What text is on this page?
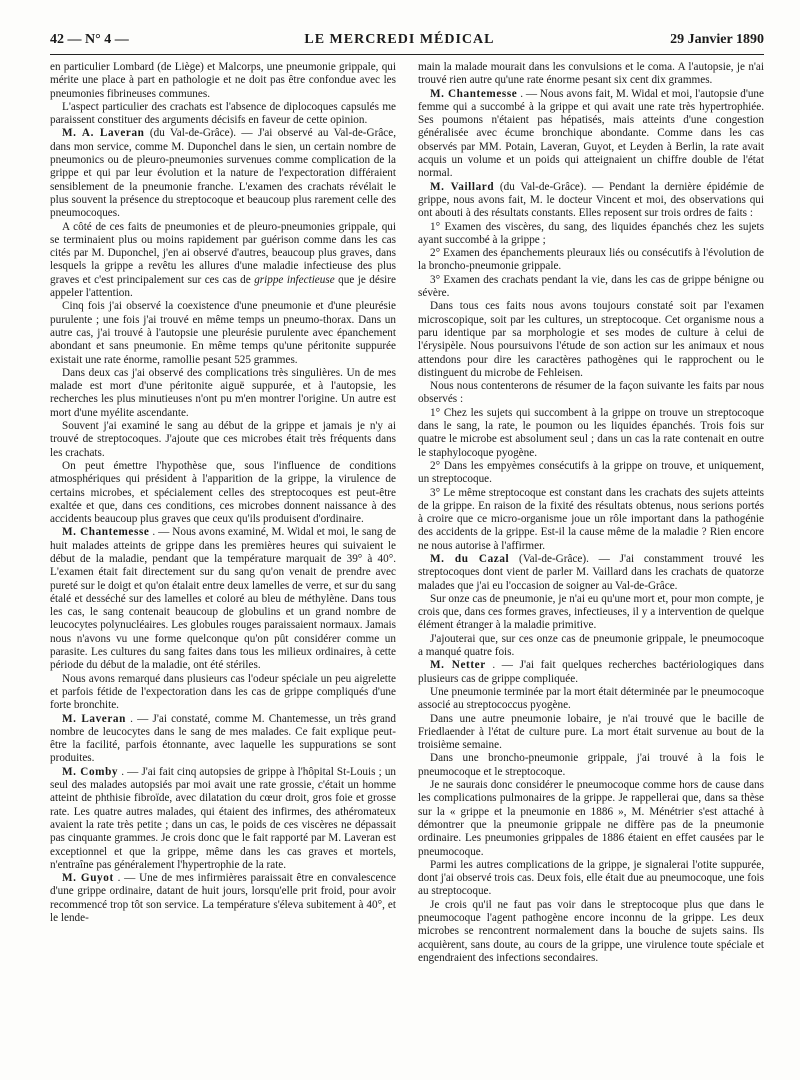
42 — N° 4 —	LE MERCREDI MÉDICAL	29 Janvier 1890

en particulier Lombard (de Liège) et Malcorps, une pneumonie grippale, qui mérite une place à part en pathologie et ne doit pas être confondue avec les pneumonies fibrineuses communes.

L'aspect particulier des crachats est l'absence de diplocoques capsulés me paraissent constituer des arguments décisifs en faveur de cette opinion.

M. A. Laveran (du Val-de-Grâce). — J'ai observé au Val-de-Grâce, dans mon service, comme M. Duponchel dans le sien, un certain nombre de pneumonics ou de pleuro-pneumonies survenues comme complication de la grippe et qui par leur évolution et la nature de l'expectoration différaient sensiblement de la pneumonie franche. L'examen des crachats révélait le plus souvent la présence du streptocoque et beaucoup plus rarement celle des pneumocoques.

A côté de ces faits de pneumonies et de pleuro-pneumonies grippale, qui se terminaient plus ou moins rapidement par guérison comme dans les cas cités par M. Duponchel, j'en ai observé d'autres, beaucoup plus graves, dans lesquels la grippe a revêtu les allures d'une maladie infectieuse des plus graves et c'est principalement sur ces cas de grippe infectieuse que je désire appeler l'attention.

Cinq fois j'ai observé la coexistence d'une pneumonie et d'une pleurésie purulente ; une fois j'ai trouvé en même temps un pneumo-thorax. Dans un autre cas, j'ai trouvé à l'autopsie une pleurésie purulente avec épanchement abondant et sans pneumonie. En même temps qu'une péritonite suppurée existait une rate énorme, ramollie pesant 525 grammes.

Dans deux cas j'ai observé des complications très singulières. Un de mes malade est mort d'une péritonite aiguë suppurée, et à l'autopsie, les recherches les plus minutieuses n'ont pu m'en montrer l'origine. Un autre est mort d'une myélite ascendante.

Souvent j'ai examiné le sang au début de la grippe et jamais je n'y ai trouvé de streptocoques. J'ajoute que ces microbes était très fréquents dans les crachats.

On peut émettre l'hypothèse que, sous l'influence de conditions atmosphériques qui président à l'apparition de la grippe, la virulence de certains microbes, et spécialement celles des streptocoques est peut-être exaltée et que, dans ces conditions, ces microbes donnent naissance à des accidents beaucoup plus graves que ceux qu'ils produisent d'ordinaire.

M. Chantemesse . — Nous avons examiné, M. Widal et moi, le sang de huit malades atteints de grippe dans les premières heures qui suivaient le début de la maladie, pendant que la température marquait de 39° à 40°. L'examen était fait directement sur du sang qu'on venait de prendre avec pureté sur le doigt et qu'on étalait entre deux lamelles de verre, et sur du sang étalé et desséché sur des lamelles et coloré au bleu de méthylène. Dans tous les cas, le sang contenait beaucoup de globulins et un grand nombre de leucocytes polynucléaires. Les globules rouges paraissaient normaux. Jamais nous n'avons vu une forme quelconque qu'on pût considérer comme un parasite. Les cultures du sang faites dans tous les milieux ordinaires, à cette période du début de la maladie, ont été stériles.

Nous avons remarqué dans plusieurs cas l'odeur spéciale un peu aigrelette et parfois fétide de l'expectoration dans les cas de grippe compliqués d'une forte bronchite.

M. Laveran . — J'ai constaté, comme M. Chantemesse, un très grand nombre de leucocytes dans le sang de mes malades. Ce fait explique peut-être la facilité, parfois étonnante, avec laquelle les suppurations se sont produites.

M. Comby . — J'ai fait cinq autopsies de grippe à l'hôpital St-Louis ; un seul des malades autopsiés par moi avait une rate grossie, c'était un homme atteint de phthisie fibroïde, avec dilatation du cœur droit, gros foie et grosse rate. Les quatre autres malades, qui étaient des infirmes, des athéromateux avaient la rate très petite ; dans un cas, le poids de ces viscères ne dépassait pas cinquante grammes. Je crois donc que le fait rapporté par M. Laveran est exceptionnel et que la grippe, même dans les cas graves et mortels, n'entraîne pas généralement l'hypertrophie de la rate.

M. Guyot . — Une de mes infirmières paraissait être en convalescence d'une grippe ordinaire, datant de huit jours, lorsqu'elle prit froid, pour avoir recommencé trop tôt son service. La température s'éleva subitement à 40°, et le lende-

main la malade mourait dans les convulsions et le coma. A l'autopsie, je n'ai trouvé rien autre qu'une rate énorme pesant six cent dix grammes.

M. Chantemesse . — Nous avons fait, M. Widal et moi, l'autopsie d'une femme qui a succombé à la grippe et qui avait une rate très hypertrophiée. Ses poumons n'étaient pas hépatisés, mais atteints d'une congestion généralisée avec écume bronchique abondante. Comme dans les cas observés par MM. Potain, Laveran, Guyot, et Leyden à Berlin, la rate avait acquis un volume et un poids qui atteignaient un chiffre double de l'état normal.

M. Vaillard (du Val-de-Grâce). — Pendant la dernière épidémie de grippe, nous avons fait, M. le docteur Vincent et moi, des observations qui ont abouti à des résultats constants. Elles reposent sur trois ordres de faits :

1° Examen des viscères, du sang, des liquides épanchés chez les sujets ayant succombé à la grippe ;

2° Examen des épanchements pleuraux liés ou consécutifs à l'évolution de la broncho-pneumonie grippale.

3° Examen des crachats pendant la vie, dans les cas de grippe bénigne ou sévère.

Dans tous ces faits nous avons toujours constaté soit par l'examen microscopique, soit par les cultures, un streptocoque. Cet organisme nous a paru identique par sa morphologie et ses modes de culture à celui de l'érysipèle. Nous poursuivons l'étude de son action sur les animaux et nous attendons pour dire les caractères pathogènes qui le rapprochent ou le distinguent du microbe de Fehleisen.

Nous nous contenterons de résumer de la façon suivante les faits par nous observés :

1° Chez les sujets qui succombent à la grippe on trouve un streptocoque dans le sang, la rate, le poumon ou les liquides épanchés. Trois fois sur quatre le microbe est absolument seul ; dans un cas la rate contenait en outre le staphylocoque pyogène.

2° Dans les empyèmes consécutifs à la grippe on trouve, et uniquement, un streptocoque.

3° Le même streptocoque est constant dans les crachats des sujets atteints de la grippe. En raison de la fixité des résultats obtenus, nous serions portés à croire que ce micro-organisme joue un rôle important dans la pathogénie des accidents de la grippe. Est-il la cause même de la maladie ? Rien encore ne nous autorise à l'affirmer.

M. du Cazal (Val-de-Grâce). — J'ai constamment trouvé les streptocoques dont vient de parler M. Vaillard dans les crachats de quatorze malades que j'ai eu l'occasion de soigner au Val-de-Grâce.

Sur onze cas de pneumonie, je n'ai eu qu'une mort et, pour mon compte, je crois que, dans ces formes graves, infectieuses, il y a intervention de quelque élément étranger à la maladie primitive.

J'ajouterai que, sur ces onze cas de pneumonie grippale, le pneumocoque a manqué quatre fois.

M. Netter . — J'ai fait quelques recherches bactériologiques dans plusieurs cas de grippe compliquée.

Une pneumonie terminée par la mort était déterminée par le pneumocoque associé au streptococcus pyogène.

Dans une autre pneumonie lobaire, je n'ai trouvé que le bacille de Friedlaender à l'état de culture pure. La mort était survenue au bout de la troisième semaine.

Dans une broncho-pneumonie grippale, j'ai trouvé à la fois le pneumocoque et le streptocoque.

Je ne saurais donc considérer le pneumocoque comme hors de cause dans les complications pulmonaires de la grippe. Je rappellerai que, dans sa thèse sur la « grippe et la pneumonie en 1886 », M. Ménétrier s'est attaché à démontrer que la pneumonie grippale ne diffère pas de la pneumonie ordinaire. Les pneumonies grippales de 1886 étaient en effet causées par le pneumocoque.

Parmi les autres complications de la grippe, je signalerai l'otite suppurée, dont j'ai observé trois cas. Deux fois, elle était due au pneumocoque, une fois au streptocoque.

Je crois qu'il ne faut pas voir dans le streptocoque plus que dans le pneumocoque l'agent pathogène encore inconnu de la grippe. Les deux microbes se rencontrent normalement dans la bouche de sujets sains. Ils acquièrent, sans doute, au cours de la grippe, une virulence toute spéciale et engendraient des infections secondaires.
